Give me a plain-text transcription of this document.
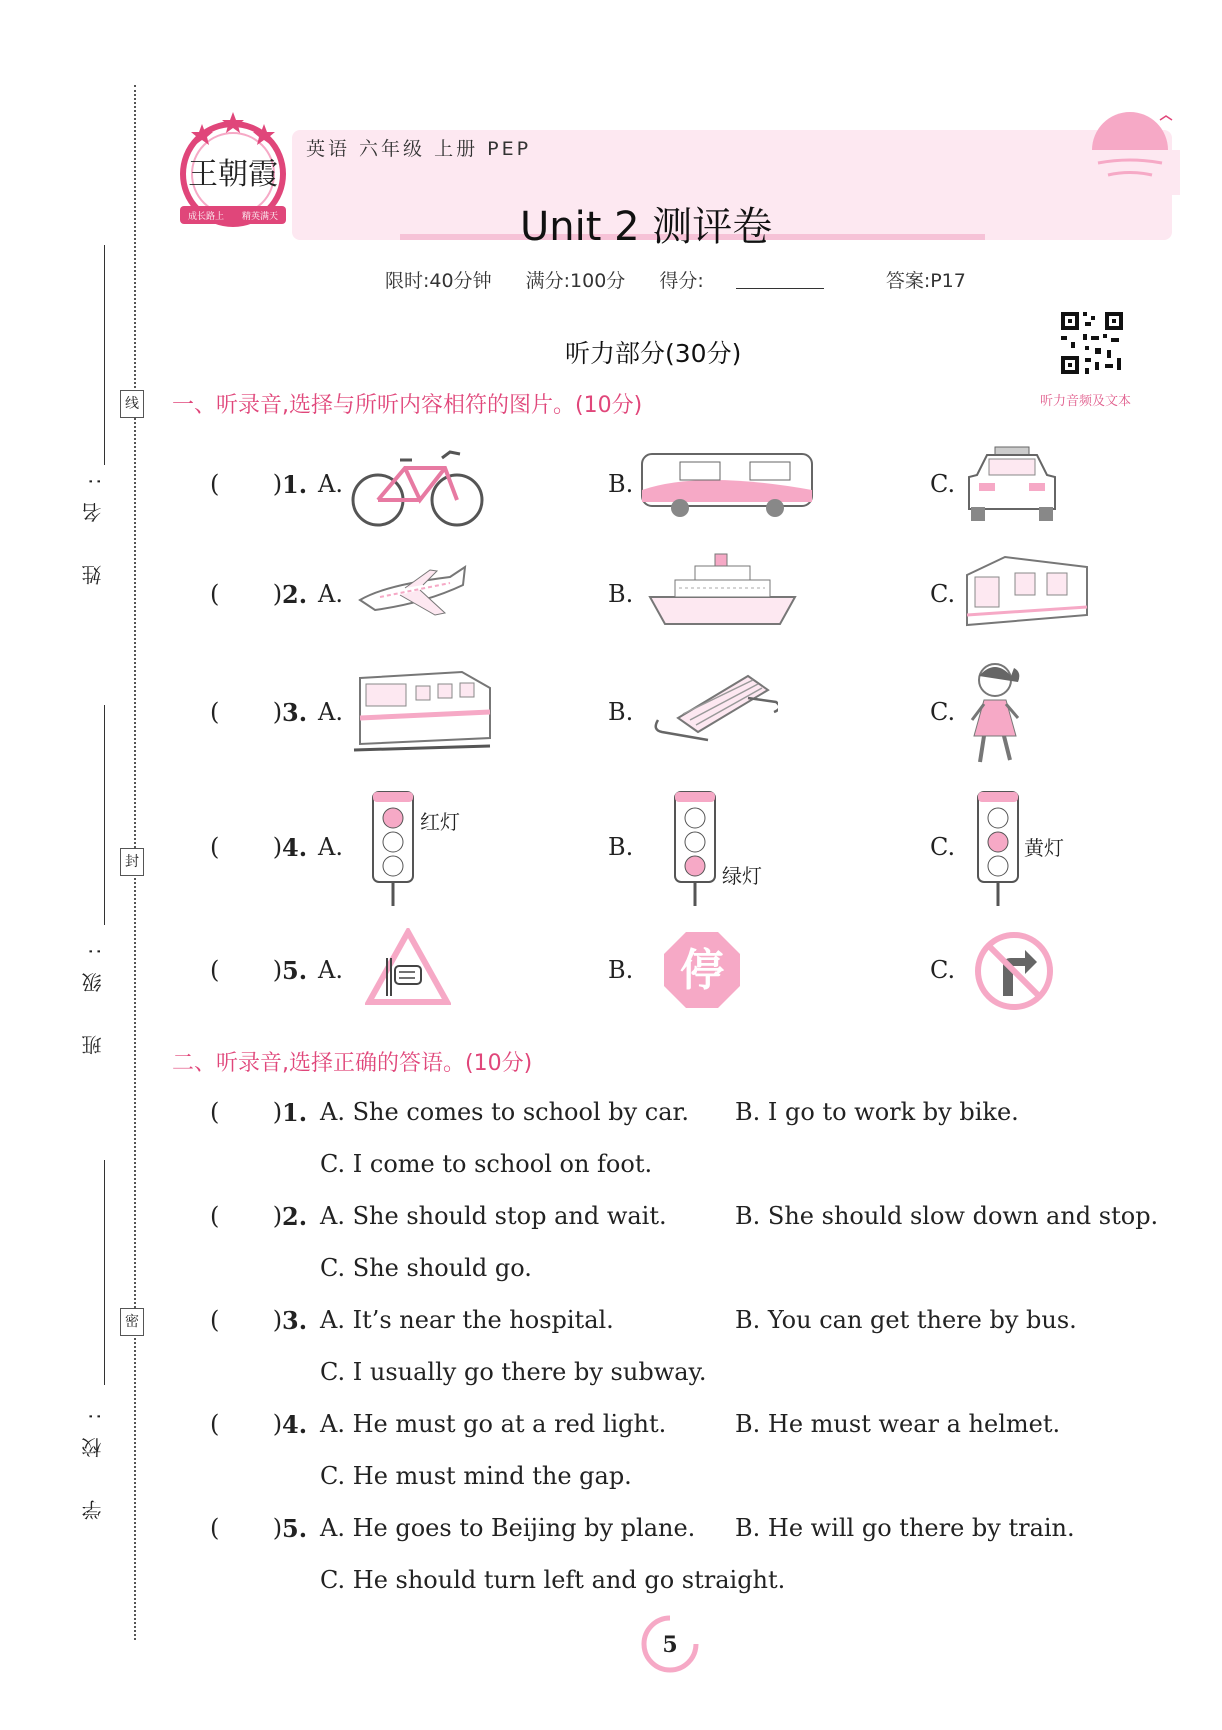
线
封
密
姓 名:
班 级:
学 校:
王朝霞
成长路上 精英满天
英语 六年级 上册 PEP
Unit 2 测评卷
限时:40分钟 满分:100分 得分:	答案:P17
听力音频及文本
听力部分(30分)
一、听录音,选择与所听内容相符的图片。(10分)
(       ) 1. A.	B.	C.
(       ) 2. A.	B.	C.
(       ) 3. A.	B.	C.
(       ) 4. A.	B.	C.
红灯
绿灯
黄灯
(       ) 5. A.	B.	C.
停
二、听录音,选择正确的答语。(10分)
(       ) 1. A. She comes to school by car. B. I go to work by bike.
C. I come to school on foot.
(       ) 2. A. She should stop and wait.	B. She should slow down and stop.
C. She should go.
(       ) 3. A. It’s near the hospital.	B. You can get there by bus.
C. I usually go there by subway.
(       ) 4. A. He must go at a red light.	B. He must wear a helmet.
C. He must mind the gap.
(       ) 5. A. He goes to Beijing by plane. B. He will go there by train.
C. He should turn left and go straight.
5
